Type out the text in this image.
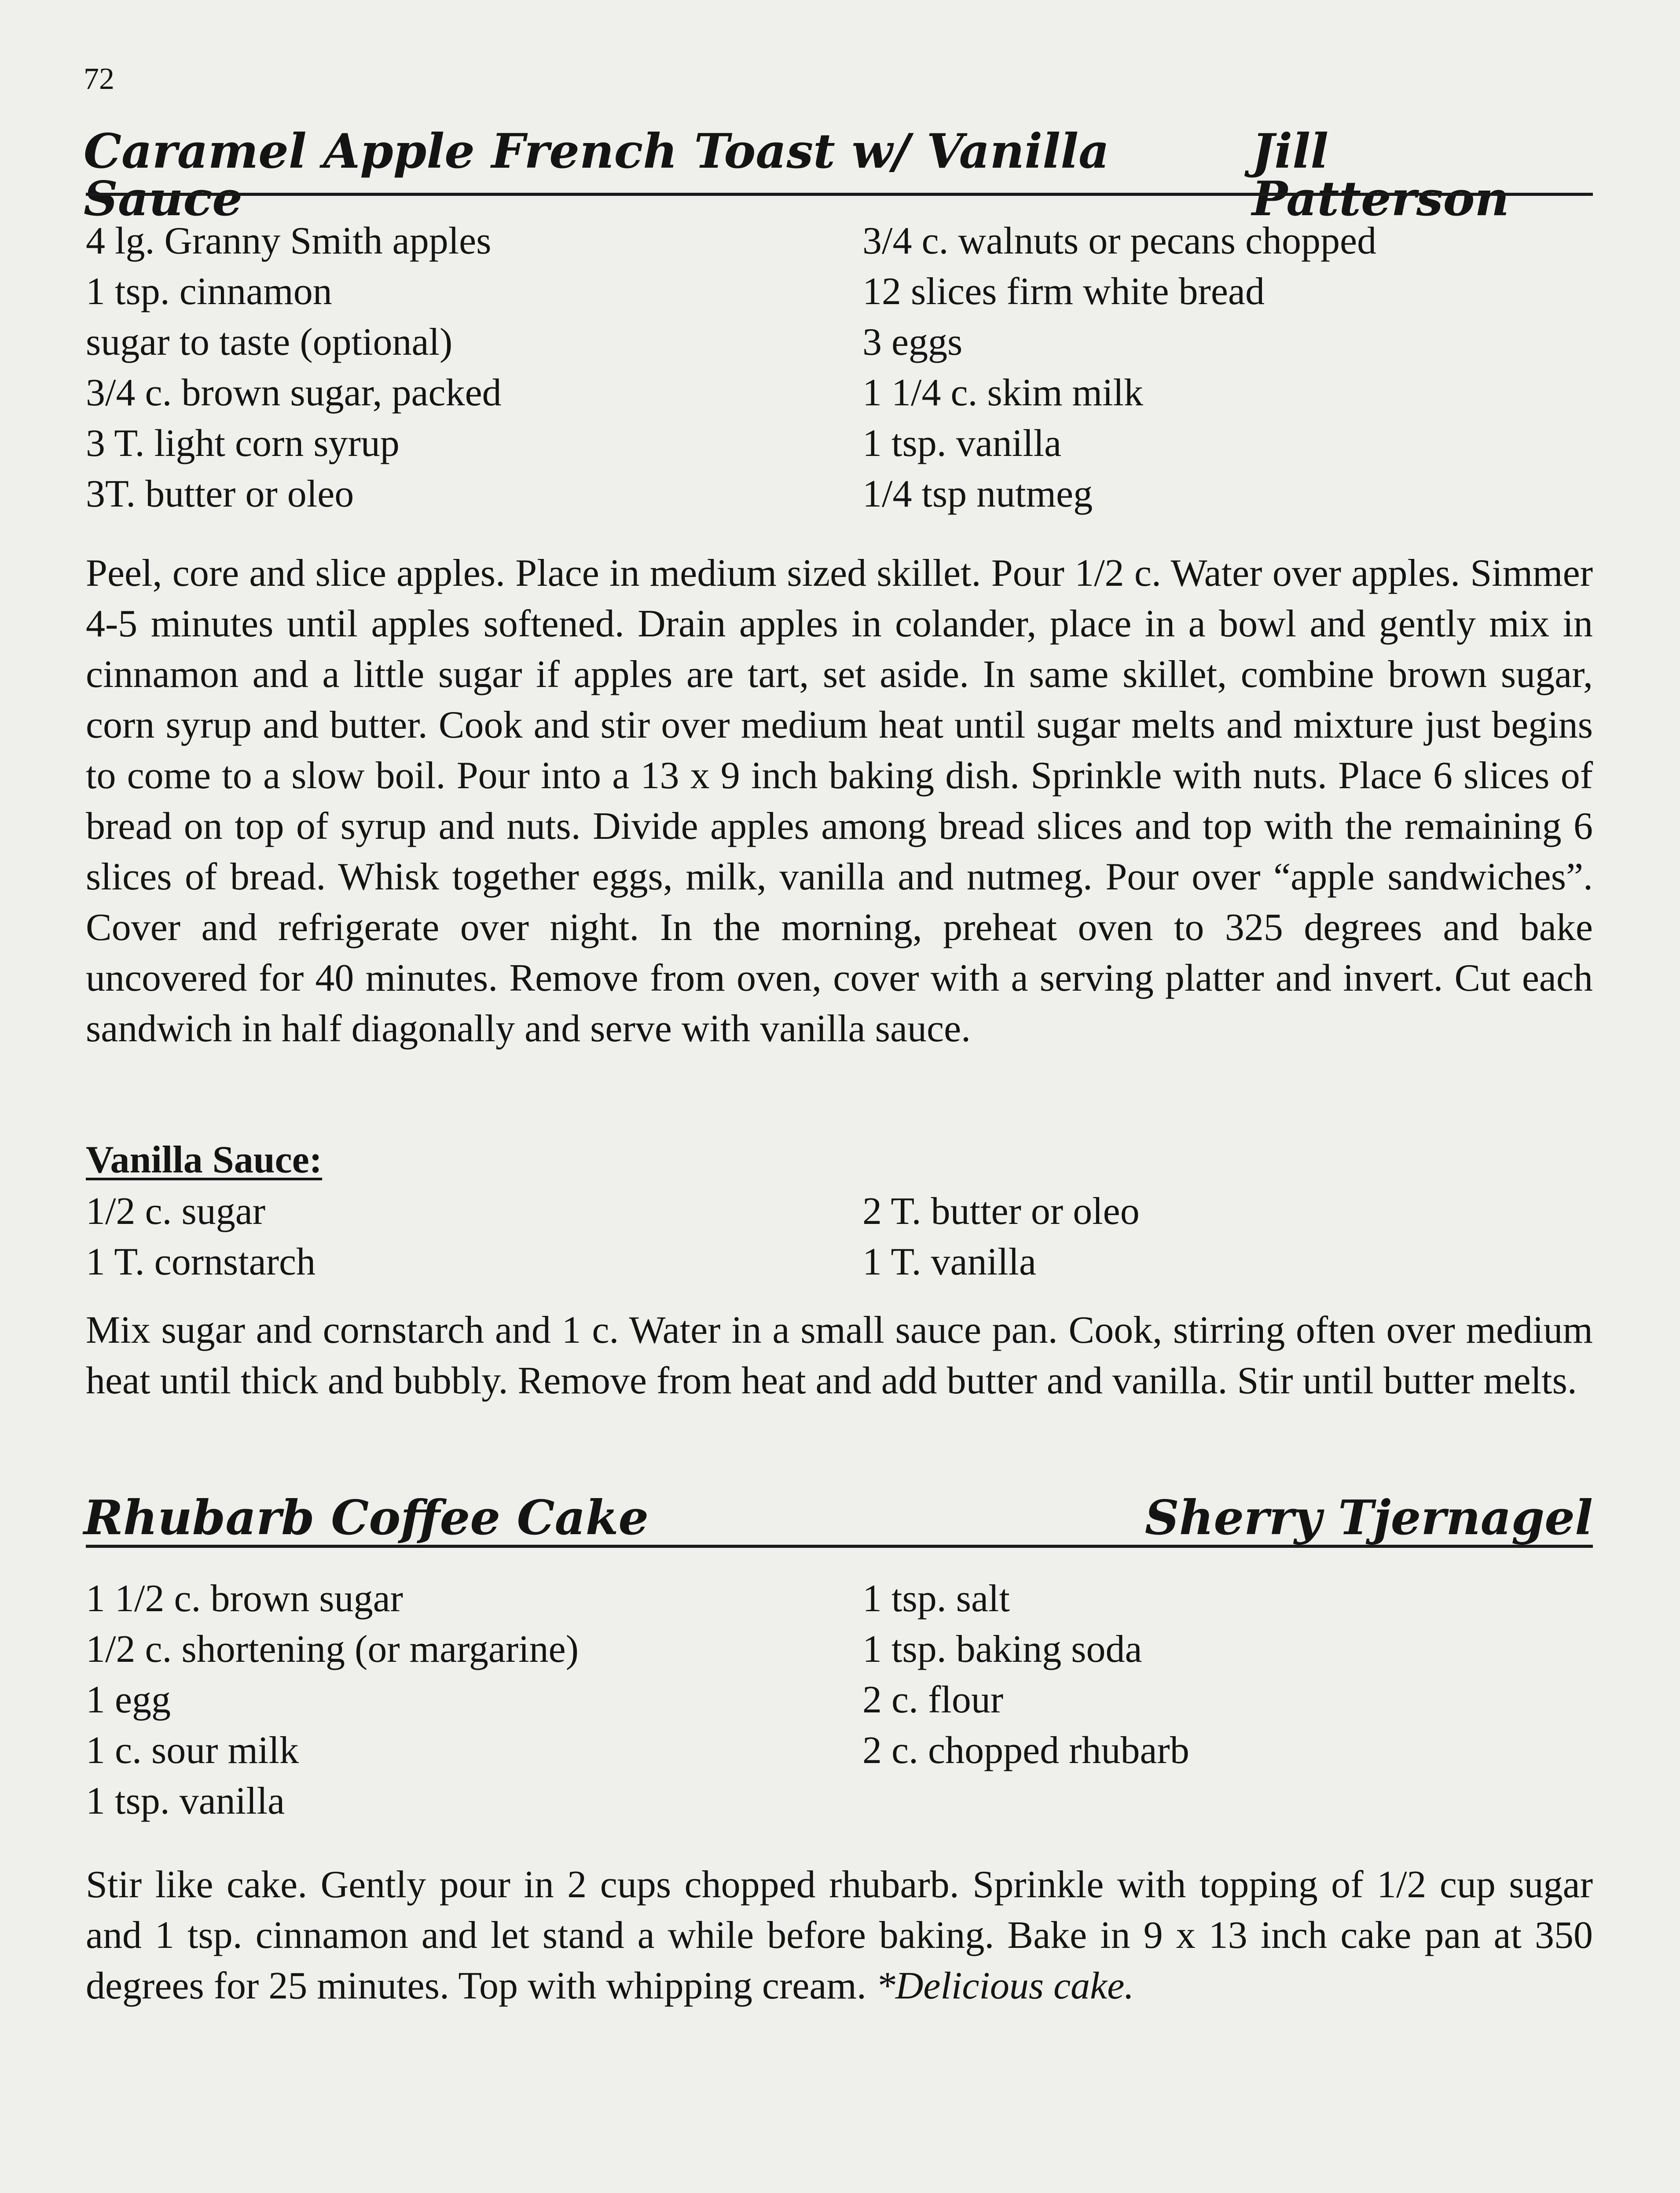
72
Caramel Apple French Toast w/ Vanilla Sauce
Jill Patterson
4 lg. Granny Smith apples
1 tsp. cinnamon
sugar to taste (optional)
3/4 c. brown sugar, packed
3 T. light corn syrup
3T. butter or oleo
3/4 c. walnuts or pecans chopped
12 slices firm white bread
3 eggs
1 1/4 c. skim milk
1 tsp. vanilla
1/4 tsp nutmeg
Peel, core and slice apples. Place in medium sized skillet. Pour 1/2 c. Water over apples. Simmer 4-5 minutes until apples softened. Drain apples in colander, place in a bowl and gently mix in cinnamon and a little sugar if apples are tart, set aside. In same skillet, combine brown sugar, corn syrup and butter. Cook and stir over medium heat until sugar melts and mixture just begins to come to a slow boil. Pour into a 13 x 9 inch baking dish. Sprinkle with nuts. Place 6 slices of bread on top of syrup and nuts. Divide apples among bread slices and top with the remaining 6 slices of bread. Whisk together eggs, milk, vanilla and nutmeg. Pour over “apple sandwiches”. Cover and refrigerate over night. In the morning, preheat oven to 325 degrees and bake uncovered for 40 minutes. Remove from oven, cover with a serving platter and invert. Cut each sandwich in half diagonally and serve with vanilla sauce.
Vanilla Sauce:
1/2 c. sugar
1 T. cornstarch
2 T. butter or oleo
1 T. vanilla
Mix sugar and cornstarch and 1 c. Water in a small sauce pan. Cook, stirring often over medium heat until thick and bubbly. Remove from heat and add butter and vanilla. Stir until butter melts.
Rhubarb Coffee Cake	Sherry Tjernagel
1 1/2 c. brown sugar
1/2 c. shortening (or margarine)
1 egg
1 c. sour milk
1 tsp. vanilla
1 tsp. salt
1 tsp. baking soda
2 c. flour
2 c. chopped rhubarb
Stir like cake. Gently pour in 2 cups chopped rhubarb. Sprinkle with topping of 1/2 cup sugar and 1 tsp. cinnamon and let stand a while before baking. Bake in 9 x 13 inch cake pan at 350 degrees for 25 minutes. Top with whipping cream. *Delicious cake.
